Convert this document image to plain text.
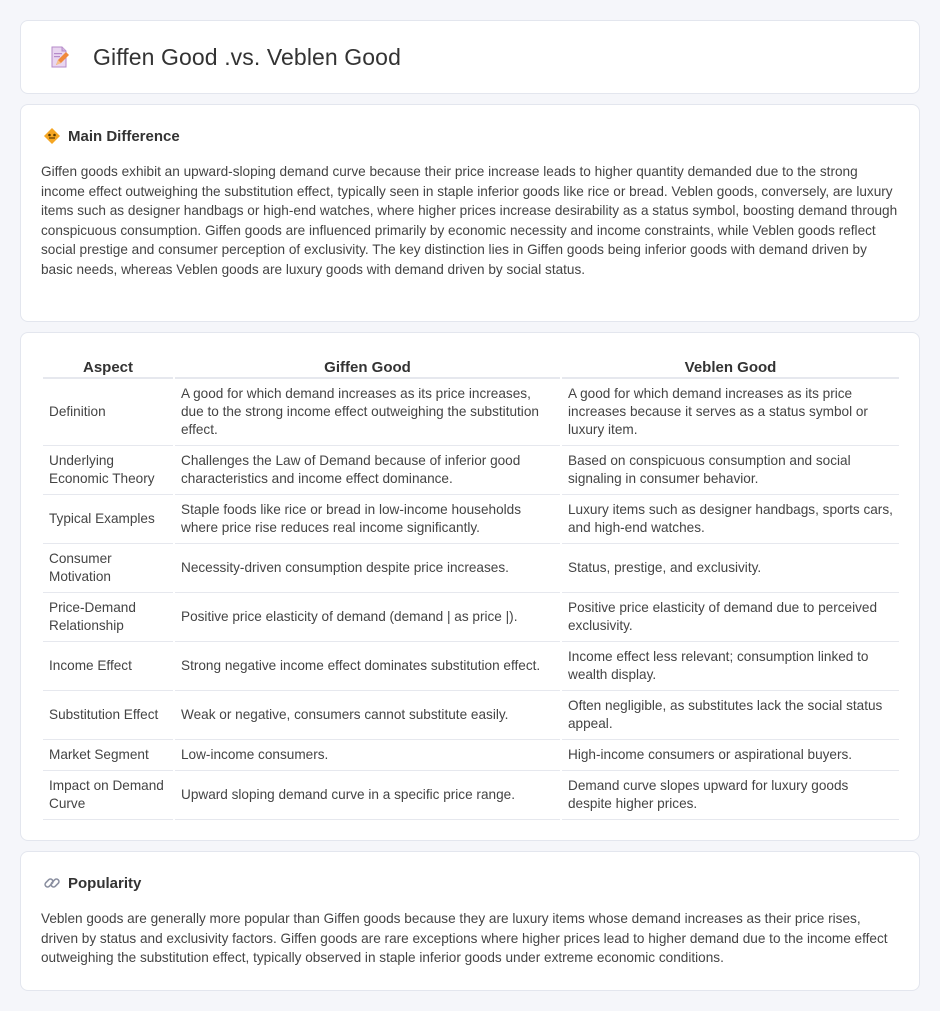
Giffen Good .vs. Veblen Good
Main Difference

Giffen goods exhibit an upward-sloping demand curve because their price increase leads to higher quantity demanded due to the strong income effect outweighing the substitution effect, typically seen in staple inferior goods like rice or bread. Veblen goods, conversely, are luxury items such as designer handbags or high-end watches, where higher prices increase desirability as a status symbol, boosting demand through conspicuous consumption. Giffen goods are influenced primarily by economic necessity and income constraints, while Veblen goods reflect social prestige and consumer perception of exclusivity. The key distinction lies in Giffen goods being inferior goods with demand driven by basic needs, whereas Veblen goods are luxury goods with demand driven by social status.

Aspect	Giffen Good	Veblen Good
Definition	A good for which demand increases as its price increases, due to the strong income effect outweighing the substitution effect.	A good for which demand increases as its price increases because it serves as a status symbol or luxury item.
Underlying Economic Theory	Challenges the Law of Demand because of inferior good characteristics and income effect dominance.	Based on conspicuous consumption and social signaling in consumer behavior.
Typical Examples	Staple foods like rice or bread in low-income households where price rise reduces real income significantly.	Luxury items such as designer handbags, sports cars, and high-end watches.
Consumer Motivation	Necessity-driven consumption despite price increases.	Status, prestige, and exclusivity.
Price-Demand Relationship	Positive price elasticity of demand (demand | as price |).	Positive price elasticity of demand due to perceived exclusivity.
Income Effect	Strong negative income effect dominates substitution effect.	Income effect less relevant; consumption linked to wealth display.
Substitution Effect	Weak or negative, consumers cannot substitute easily.	Often negligible, as substitutes lack the social status appeal.
Market Segment	Low-income consumers.	High-income consumers or aspirational buyers.
Impact on Demand Curve	Upward sloping demand curve in a specific price range.	Demand curve slopes upward for luxury goods despite higher prices.
Popularity

Veblen goods are generally more popular than Giffen goods because they are luxury items whose demand increases as their price rises, driven by status and exclusivity factors. Giffen goods are rare exceptions where higher prices lead to higher demand due to the income effect outweighing the substitution effect, typically observed in staple inferior goods under extreme economic conditions.
